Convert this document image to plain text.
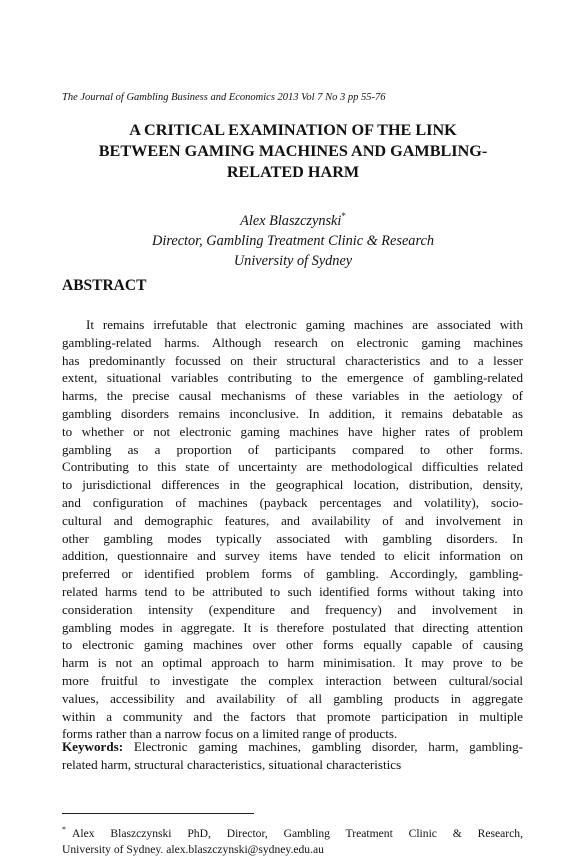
The Journal of Gambling Business and Economics 2013 Vol 7 No 3 pp 55-76
A CRITICAL EXAMINATION OF THE LINK
BETWEEN GAMING MACHINES AND GAMBLING-
RELATED HARM
Alex Blaszczynski*
Director, Gambling Treatment Clinic & Research
University of Sydney
ABSTRACT
It remains irrefutable that electronic gaming machines are associated with
gambling-related harms. Although research on electronic gaming machines
has predominantly focussed on their structural characteristics and to a lesser
extent, situational variables contributing to the emergence of gambling-related
harms, the precise causal mechanisms of these variables in the aetiology of
gambling disorders remains inconclusive. In addition, it remains debatable as
to whether or not electronic gaming machines have higher rates of problem
gambling as a proportion of participants compared to other forms.
Contributing to this state of uncertainty are methodological difficulties related
to jurisdictional differences in the geographical location, distribution, density,
and configuration of machines (payback percentages and volatility), socio-
cultural and demographic features, and availability of and involvement in
other gambling modes typically associated with gambling disorders. In
addition, questionnaire and survey items have tended to elicit information on
preferred or identified problem forms of gambling. Accordingly, gambling-
related harms tend to be attributed to such identified forms without taking into
consideration intensity (expenditure and frequency) and involvement in
gambling modes in aggregate. It is therefore postulated that directing attention
to electronic gaming machines over other forms equally capable of causing
harm is not an optimal approach to harm minimisation. It may prove to be
more fruitful to investigate the complex interaction between cultural/social
values, accessibility and availability of all gambling products in aggregate
within a community and the factors that promote participation in multiple
forms rather than a narrow focus on a limited range of products.
Keywords: Electronic gaming machines, gambling disorder, harm, gambling-
related harm, structural characteristics, situational characteristics
* Alex Blaszczynski PhD, Director, Gambling Treatment Clinic & Research,
University of Sydney. alex.blaszczynski@sydney.edu.au
